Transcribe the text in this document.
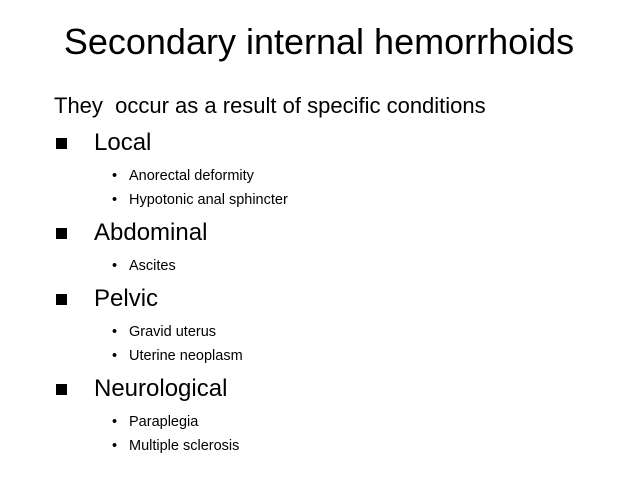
Secondary internal hemorrhoids
They  occur as a result of specific conditions
Local
• Anorectal deformity
• Hypotonic anal sphincter
Abdominal
• Ascites
Pelvic
• Gravid uterus
• Uterine neoplasm
Neurological
• Paraplegia
• Multiple sclerosis
